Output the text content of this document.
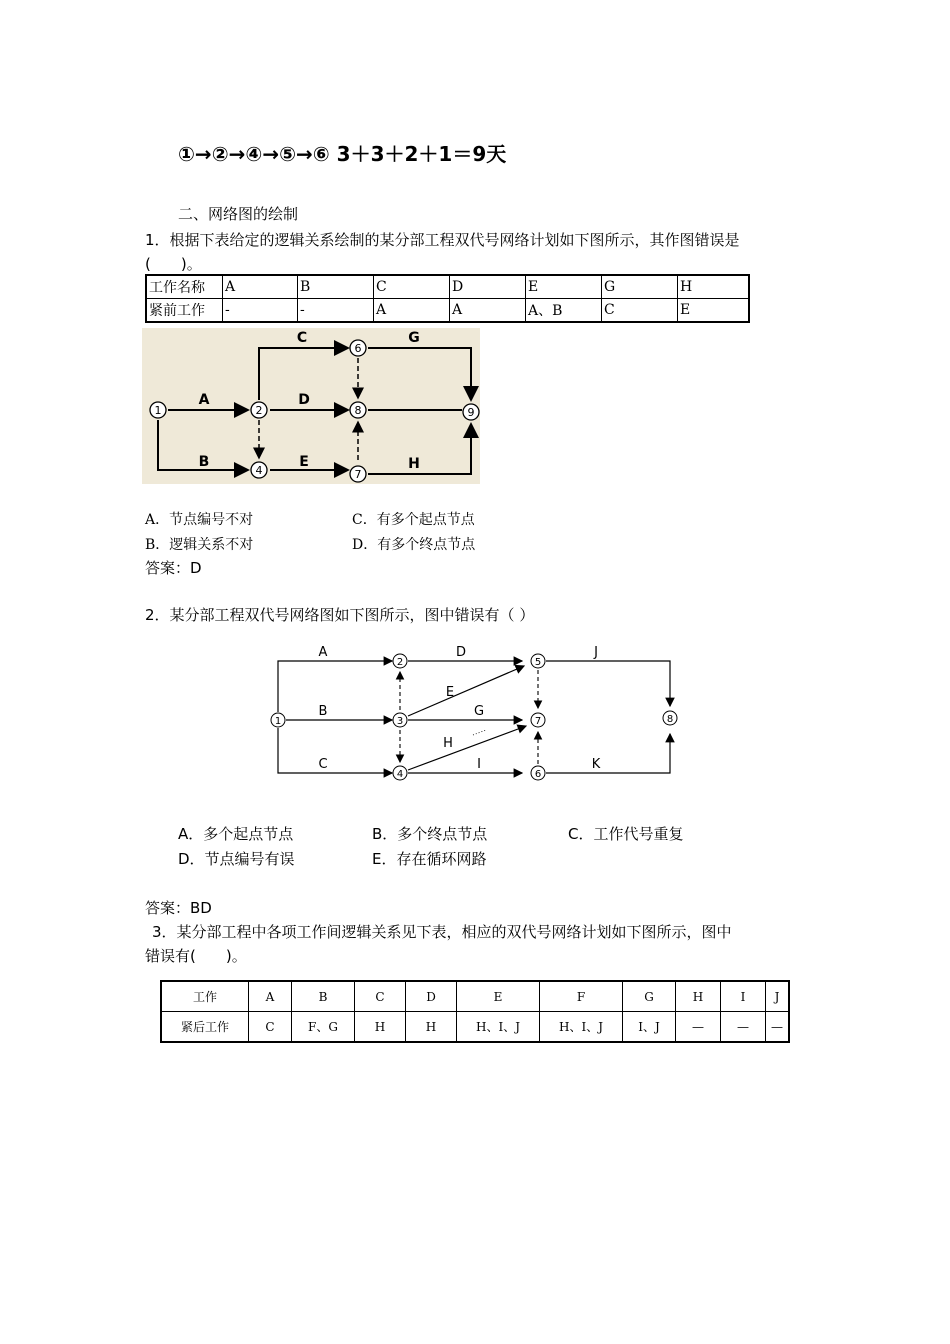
①→②→④→⑤→⑥ 3＋3＋2＋1＝9天
二、网络图的绘制
1．根据下表给定的逻辑关系绘制的某分部工程双代号网络计划如下图所示，其作图错误是
(　　)。
工作名称	A	B	C	D	E	G	H
紧前工作	-	-	A	A	A、B	C	E
1	2
6
8	9
4	7
A
C	G
D
B	E	H
A．节点编号不对	C．有多个起点节点
B．逻辑关系不对	D．有多个终点节点
答案：D
2．某分部工程双代号网络图如下图所示，图中错误有（ ）
1
2
3
4
5
6
7	8
A
B
C
D
E
G
H
I
J
K
A．多个起点节点	B．多个终点节点	C．工作代号重复
D．节点编号有误	E．存在循环网路
答案：BD
3．某分部工程中各项工作间逻辑关系见下表，相应的双代号网络计划如下图所示，图中
错误有(　　)。
工作	A	B	C	D	E	F	G	H	I	J
紧后工作	C	F、G	H	H	H、I、J	H、I、J	I、J	—	—	—
